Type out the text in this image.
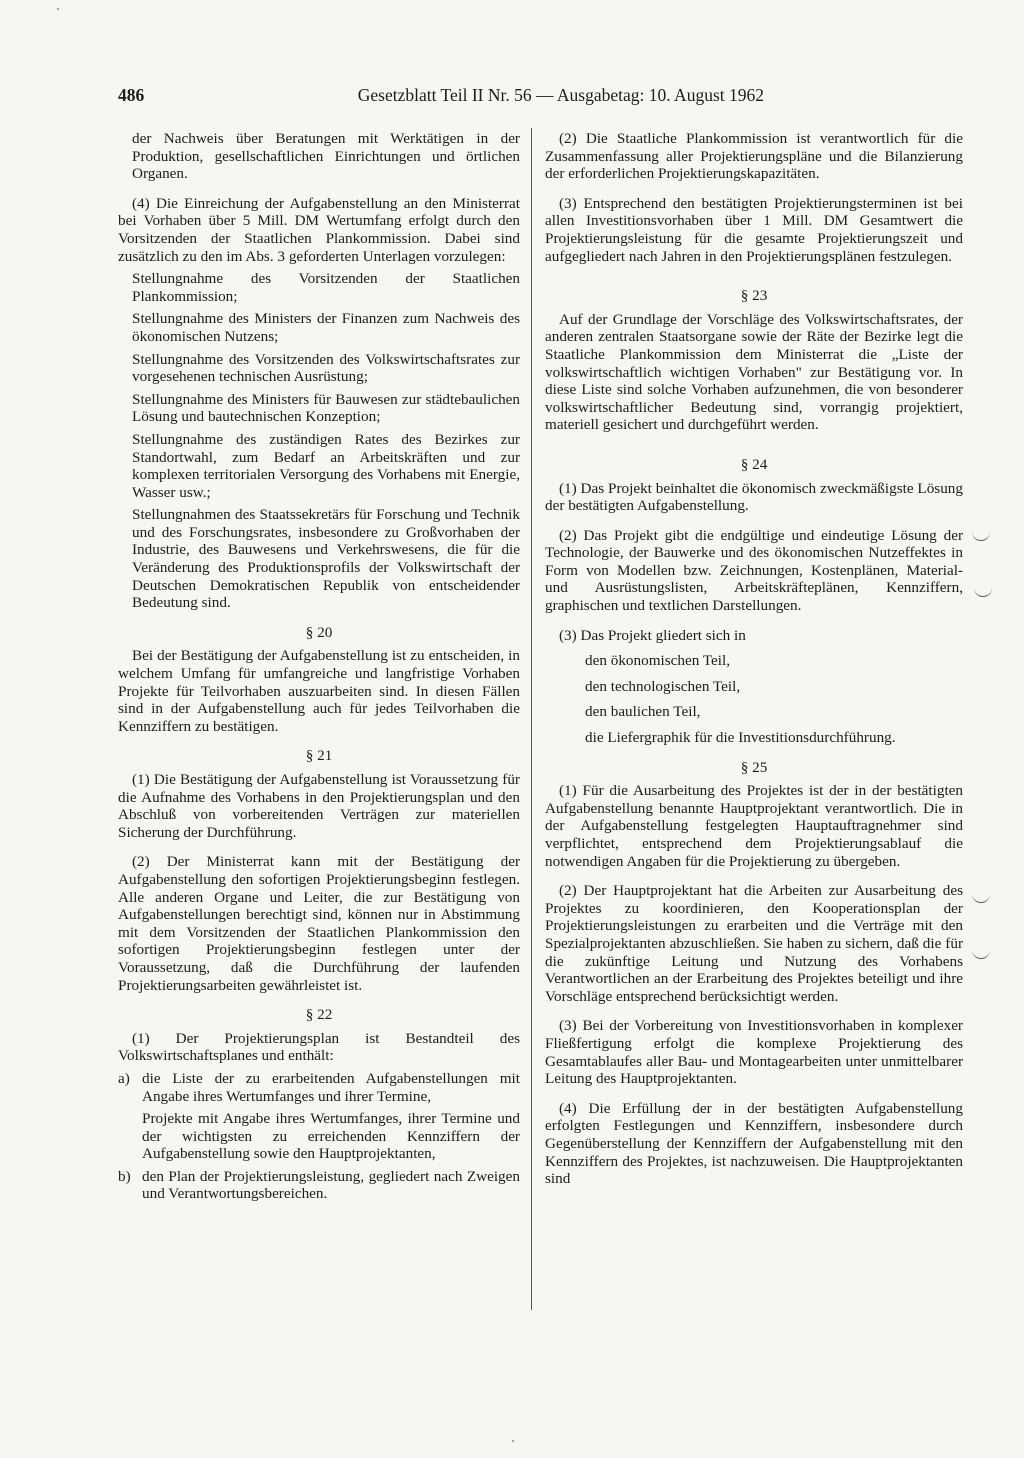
486	Gesetzblatt Teil II Nr. 56 — Ausgabetag: 10. August 1962

der Nachweis über Beratungen mit Werktätigen in der Produktion, gesellschaftlichen Einrichtungen und örtlichen Organen.

(4) Die Einreichung der Aufgabenstellung an den Ministerrat bei Vorhaben über 5 Mill. DM Wertumfang erfolgt durch den Vorsitzenden der Staatlichen Plankommission. Dabei sind zusätzlich zu den im Abs. 3 geforderten Unterlagen vorzulegen:

Stellungnahme des Vorsitzenden der Staatlichen Plankommission;

Stellungnahme des Ministers der Finanzen zum Nachweis des ökonomischen Nutzens;

Stellungnahme des Vorsitzenden des Volkswirtschaftsrates zur vorgesehenen technischen Ausrüstung;

Stellungnahme des Ministers für Bauwesen zur städtebaulichen Lösung und bautechnischen Konzeption;

Stellungnahme des zuständigen Rates des Bezirkes zur Standortwahl, zum Bedarf an Arbeitskräften und zur komplexen territorialen Versorgung des Vorhabens mit Energie, Wasser usw.;

Stellungnahmen des Staatssekretärs für Forschung und Technik und des Forschungsrates, insbesondere zu Großvorhaben der Industrie, des Bauwesens und Verkehrswesens, die für die Veränderung des Produktionsprofils der Volkswirtschaft der Deutschen Demokratischen Republik von entscheidender Bedeutung sind.

§ 20

Bei der Bestätigung der Aufgabenstellung ist zu entscheiden, in welchem Umfang für umfangreiche und langfristige Vorhaben Projekte für Teilvorhaben auszuarbeiten sind. In diesen Fällen sind in der Aufgabenstellung auch für jedes Teilvorhaben die Kennziffern zu bestätigen.

§ 21

(1) Die Bestätigung der Aufgabenstellung ist Voraussetzung für die Aufnahme des Vorhabens in den Projektierungsplan und den Abschluß von vorbereitenden Verträgen zur materiellen Sicherung der Durchführung.

(2) Der Ministerrat kann mit der Bestätigung der Aufgabenstellung den sofortigen Projektierungsbeginn festlegen. Alle anderen Organe und Leiter, die zur Bestätigung von Aufgabenstellungen berechtigt sind, können nur in Abstimmung mit dem Vorsitzenden der Staatlichen Plankommission den sofortigen Projektierungsbeginn festlegen unter der Voraussetzung, daß die Durchführung der laufenden Projektierungsarbeiten gewährleistet ist.

§ 22

(1) Der Projektierungsplan ist Bestandteil des Volkswirtschaftsplanes und enthält:

a) die Liste der zu erarbeitenden Aufgabenstellungen mit Angabe ihres Wertumfanges und ihrer Termine,

Projekte mit Angabe ihres Wertumfanges, ihrer Termine und der wichtigsten zu erreichenden Kennziffern der Aufgabenstellung sowie den Hauptprojektanten,

b) den Plan der Projektierungsleistung, gegliedert nach Zweigen und Verantwortungsbereichen.

(2) Die Staatliche Plankommission ist verantwortlich für die Zusammenfassung aller Projektierungspläne und die Bilanzierung der erforderlichen Projektierungskapazitäten.

(3) Entsprechend den bestätigten Projektierungsterminen ist bei allen Investitionsvorhaben über 1 Mill. DM Gesamtwert die Projektierungsleistung für die gesamte Projektierungszeit und aufgegliedert nach Jahren in den Projektierungsplänen festzulegen.

§ 23

Auf der Grundlage der Vorschläge des Volkswirtschaftsrates, der anderen zentralen Staatsorgane sowie der Räte der Bezirke legt die Staatliche Plankommission dem Ministerrat die „Liste der volkswirtschaftlich wichtigen Vorhaben" zur Bestätigung vor. In diese Liste sind solche Vorhaben aufzunehmen, die von besonderer volkswirtschaftlicher Bedeutung sind, vorrangig projektiert, materiell gesichert und durchgeführt werden.

§ 24

(1) Das Projekt beinhaltet die ökonomisch zweckmäßigste Lösung der bestätigten Aufgabenstellung.

(2) Das Projekt gibt die endgültige und eindeutige Lösung der Technologie, der Bauwerke und des ökonomischen Nutzeffektes in Form von Modellen bzw. Zeichnungen, Kostenplänen, Material- und Ausrüstungslisten, Arbeitskräfteplänen, Kennziffern, graphischen und textlichen Darstellungen.

(3) Das Projekt gliedert sich in

den ökonomischen Teil,

den technologischen Teil,

den baulichen Teil,

die Liefergraphik für die Investitionsdurchführung.

§ 25

(1) Für die Ausarbeitung des Projektes ist der in der bestätigten Aufgabenstellung benannte Hauptprojektant verantwortlich. Die in der Aufgabenstellung festgelegten Hauptauftragnehmer sind verpflichtet, entsprechend dem Projektierungsablauf die notwendigen Angaben für die Projektierung zu übergeben.

(2) Der Hauptprojektant hat die Arbeiten zur Ausarbeitung des Projektes zu koordinieren, den Kooperationsplan der Projektierungsleistungen zu erarbeiten und die Verträge mit den Spezialprojektanten abzuschließen. Sie haben zu sichern, daß die für die zukünftige Leitung und Nutzung des Vorhabens Verantwortlichen an der Erarbeitung des Projektes beteiligt und ihre Vorschläge entsprechend berücksichtigt werden.

(3) Bei der Vorbereitung von Investitionsvorhaben in komplexer Fließfertigung erfolgt die komplexe Projektierung des Gesamtablaufes aller Bau- und Montagearbeiten unter unmittelbarer Leitung des Hauptprojektanten.

(4) Die Erfüllung der in der bestätigten Aufgabenstellung erfolgten Festlegungen und Kennziffern, insbesondere durch Gegenüberstellung der Kennziffern der Aufgabenstellung mit den Kennziffern des Projektes, ist nachzuweisen. Die Hauptprojektanten sind
